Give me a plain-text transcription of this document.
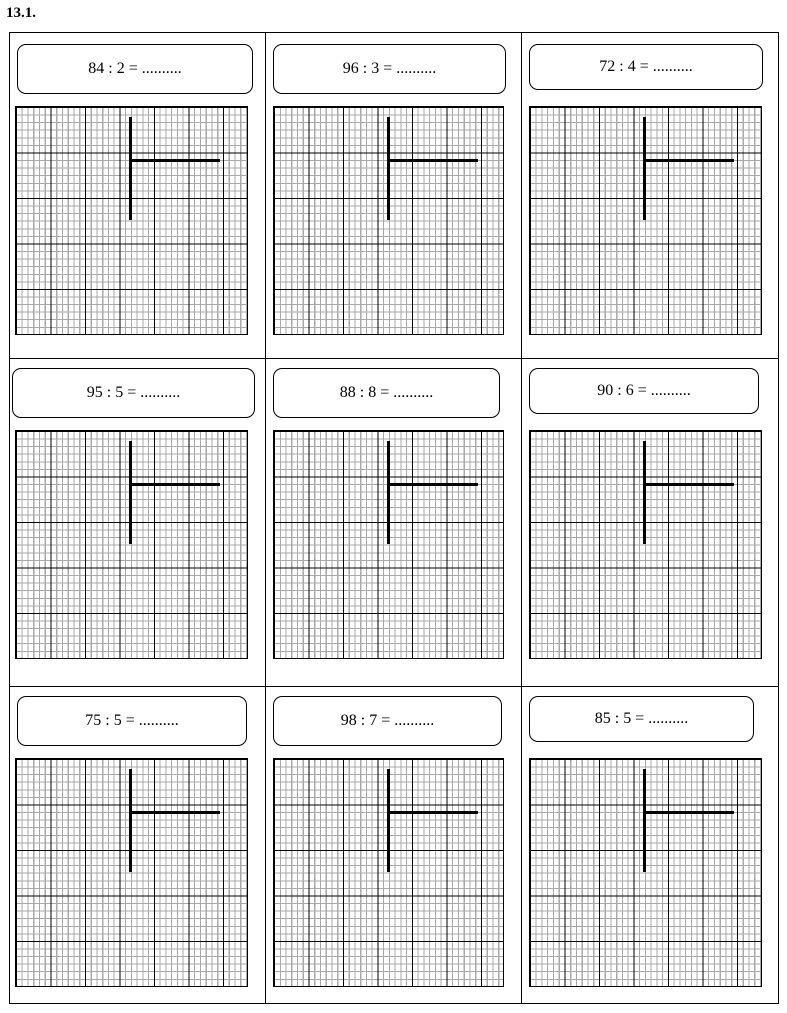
13.1.
84 : 2 = ..........	96 : 3 = ..........	72 : 4 = ..........
95 : 5 = ..........	88 : 8 = ..........	90 : 6 = ..........
75 : 5 = ..........	98 : 7 = ..........	85 : 5 = ..........
